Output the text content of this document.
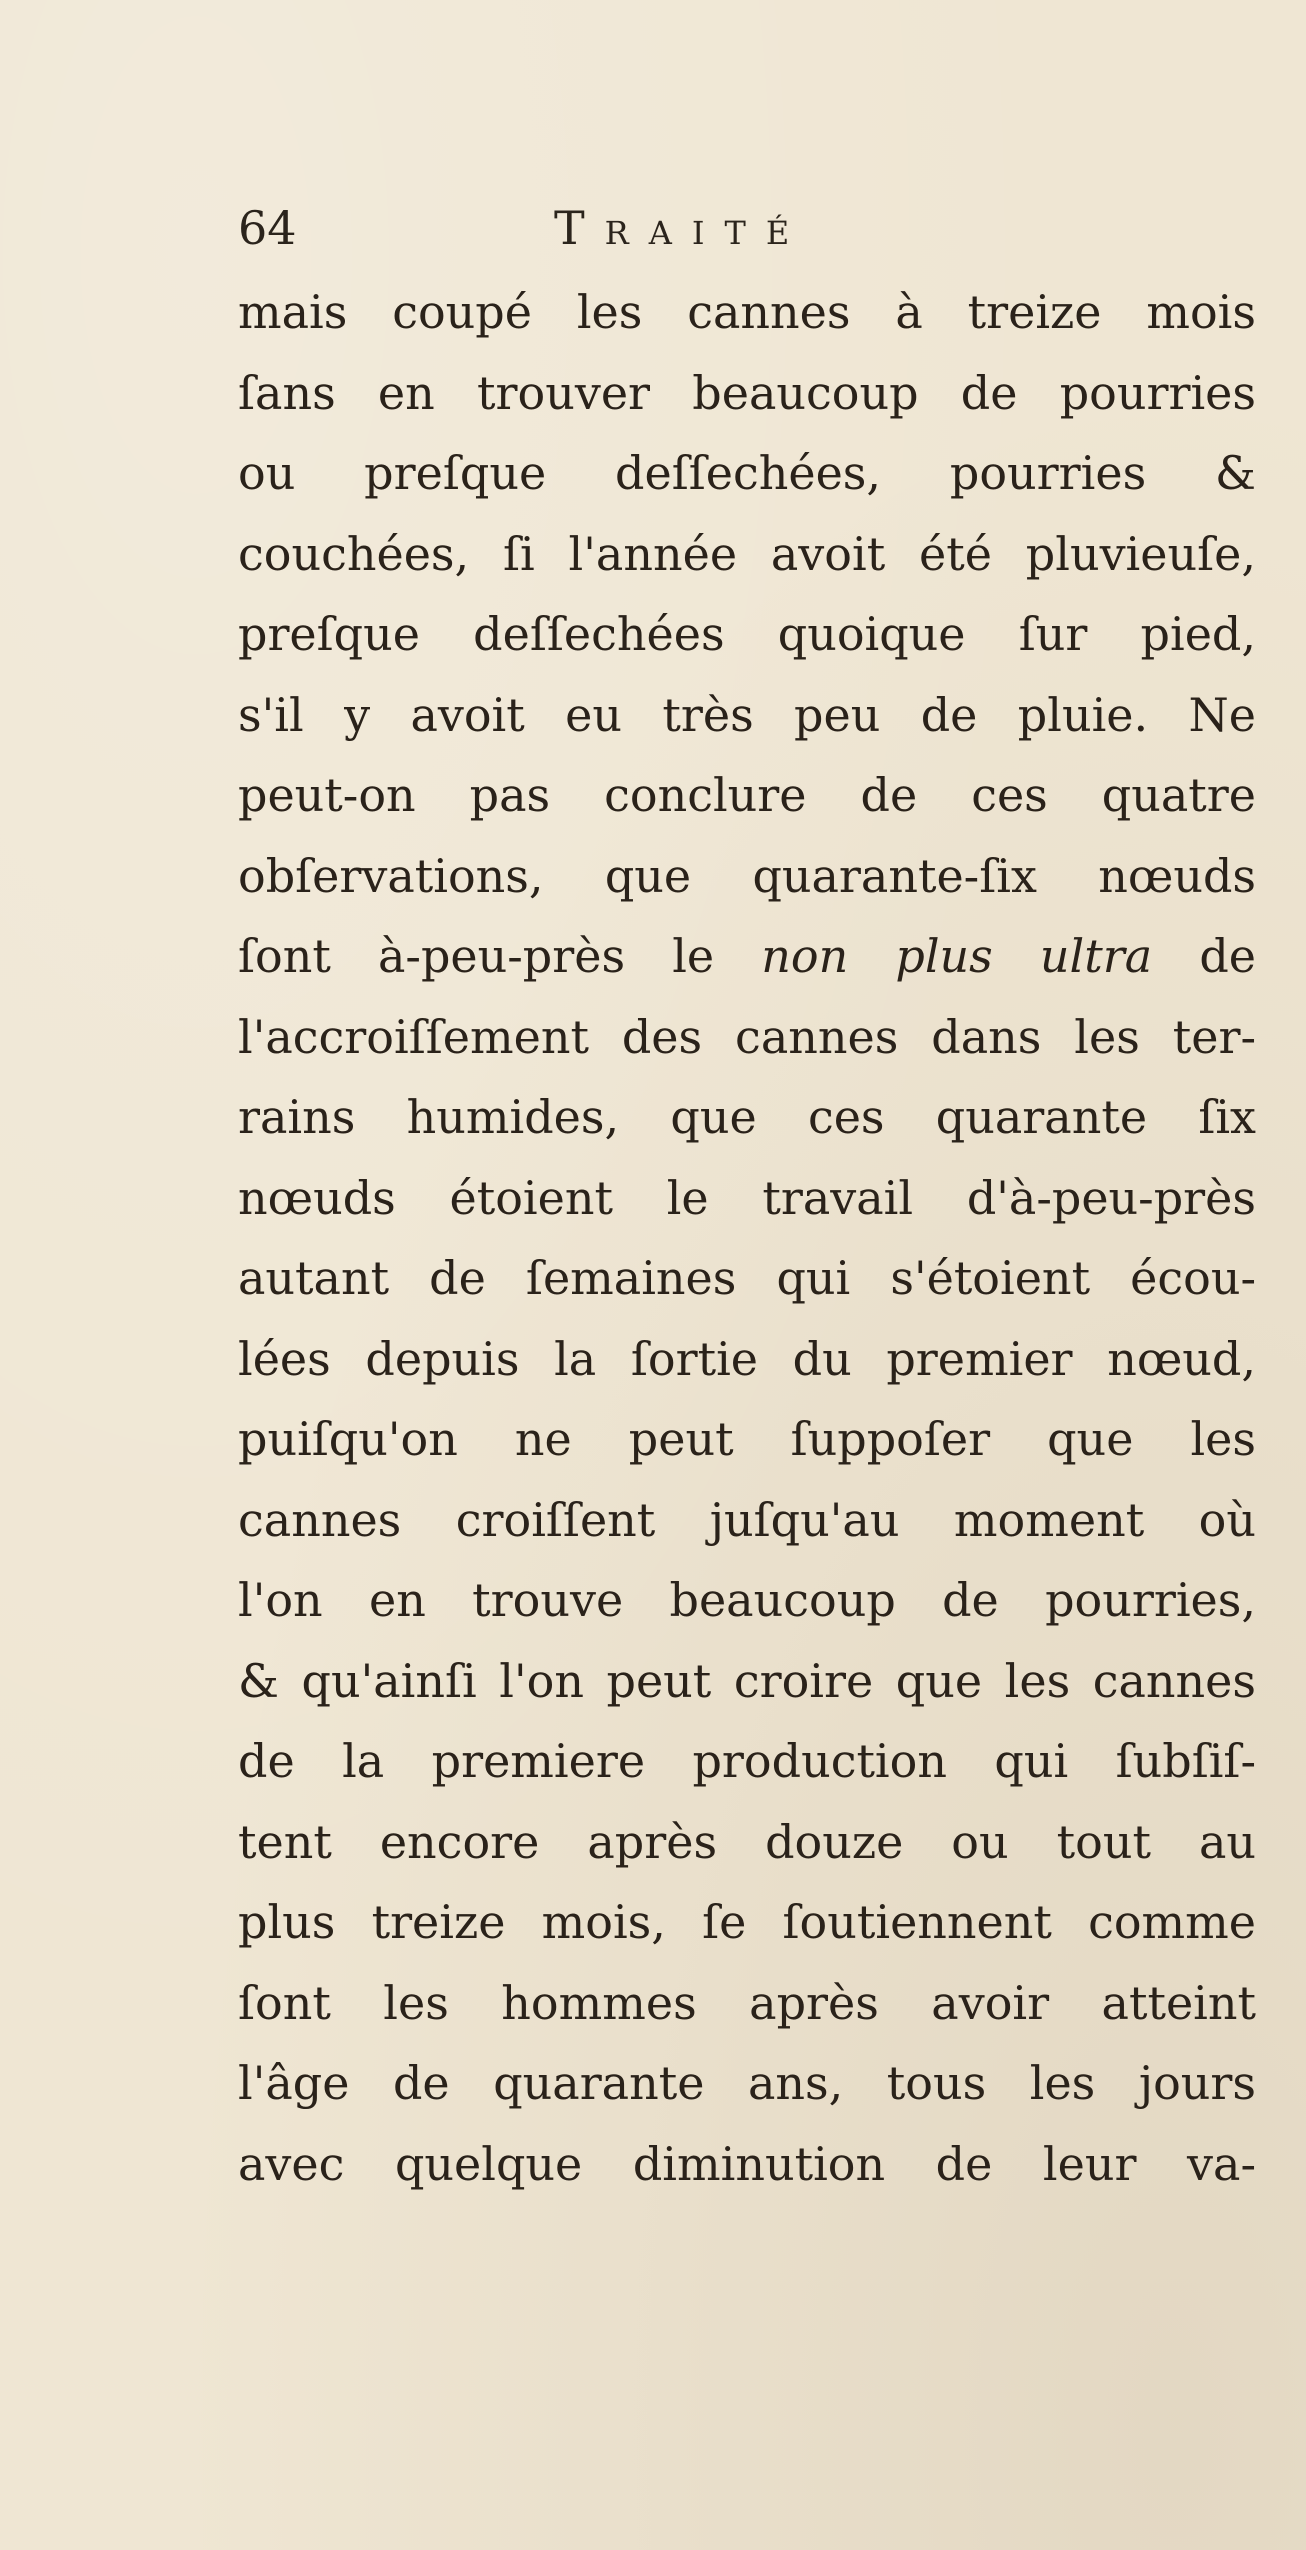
64	Traité
mais coupé les cannes à treize mois
ſans en trouver beaucoup de pourries
ou preſque deſſechées, pourries &
couchées, ſi l'année avoit été pluvieuſe,
preſque deſſechées quoique ſur pied,
s'il y avoit eu très peu de pluie. Ne
peut-on pas conclure de ces quatre
obſervations, que quarante-ſix nœuds
ſont à-peu-près le non plus ultra de
l'accroiſſement des cannes dans les ter-
rains humides, que ces quarante ſix
nœuds étoient le travail d'à-peu-près
autant de ſemaines qui s'étoient écou-
lées depuis la ſortie du premier nœud,
puiſqu'on ne peut ſuppoſer que les
cannes croiſſent juſqu'au moment où
l'on en trouve beaucoup de pourries,
& qu'ainſi l'on peut croire que les cannes
de la premiere production qui ſubſiſ-
tent encore après douze ou tout au
plus treize mois, ſe ſoutiennent comme
ſont les hommes après avoir atteint
l'âge de quarante ans, tous les jours
avec quelque diminution de leur va-
